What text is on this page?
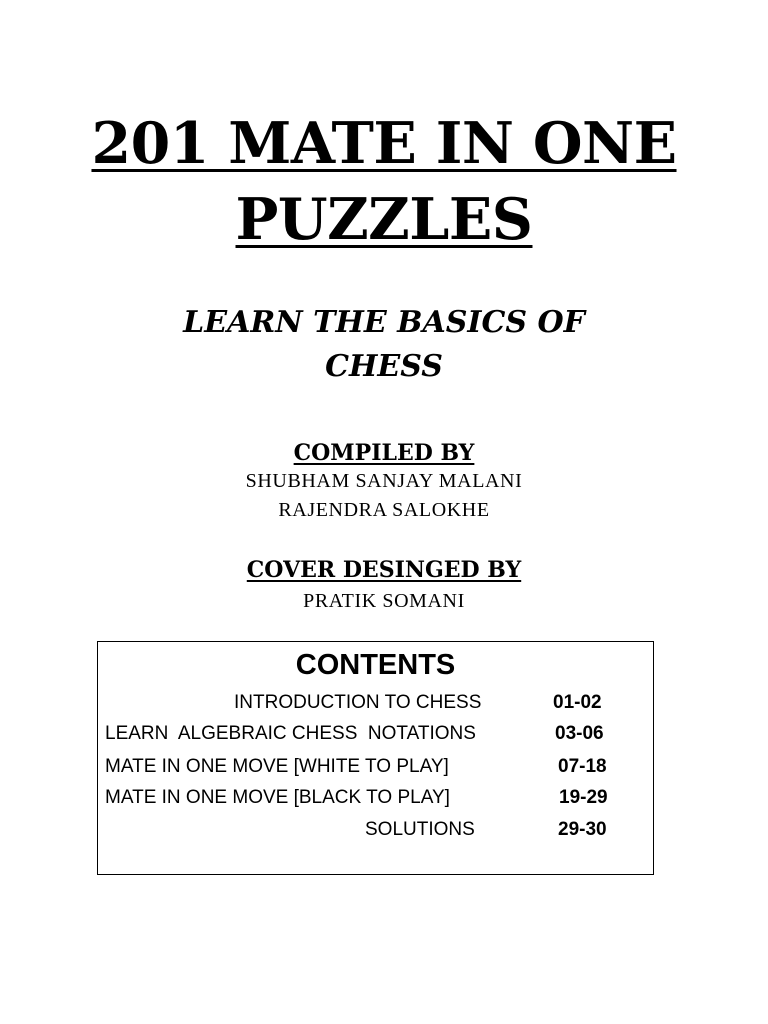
201 MATE IN ONE
PUZZLES
LEARN THE BASICS OF
CHESS
COMPILED BY
SHUBHAM SANJAY MALANI
RAJENDRA SALOKHE
COVER DESINGED BY
PRATIK SOMANI
CONTENTS
INTRODUCTION TO CHESS	01-02
LEARN  ALGEBRAIC CHESS  NOTATIONS	03-06
MATE IN ONE MOVE [WHITE TO PLAY]	07-18
MATE IN ONE MOVE [BLACK TO PLAY]	19-29
SOLUTIONS	29-30
